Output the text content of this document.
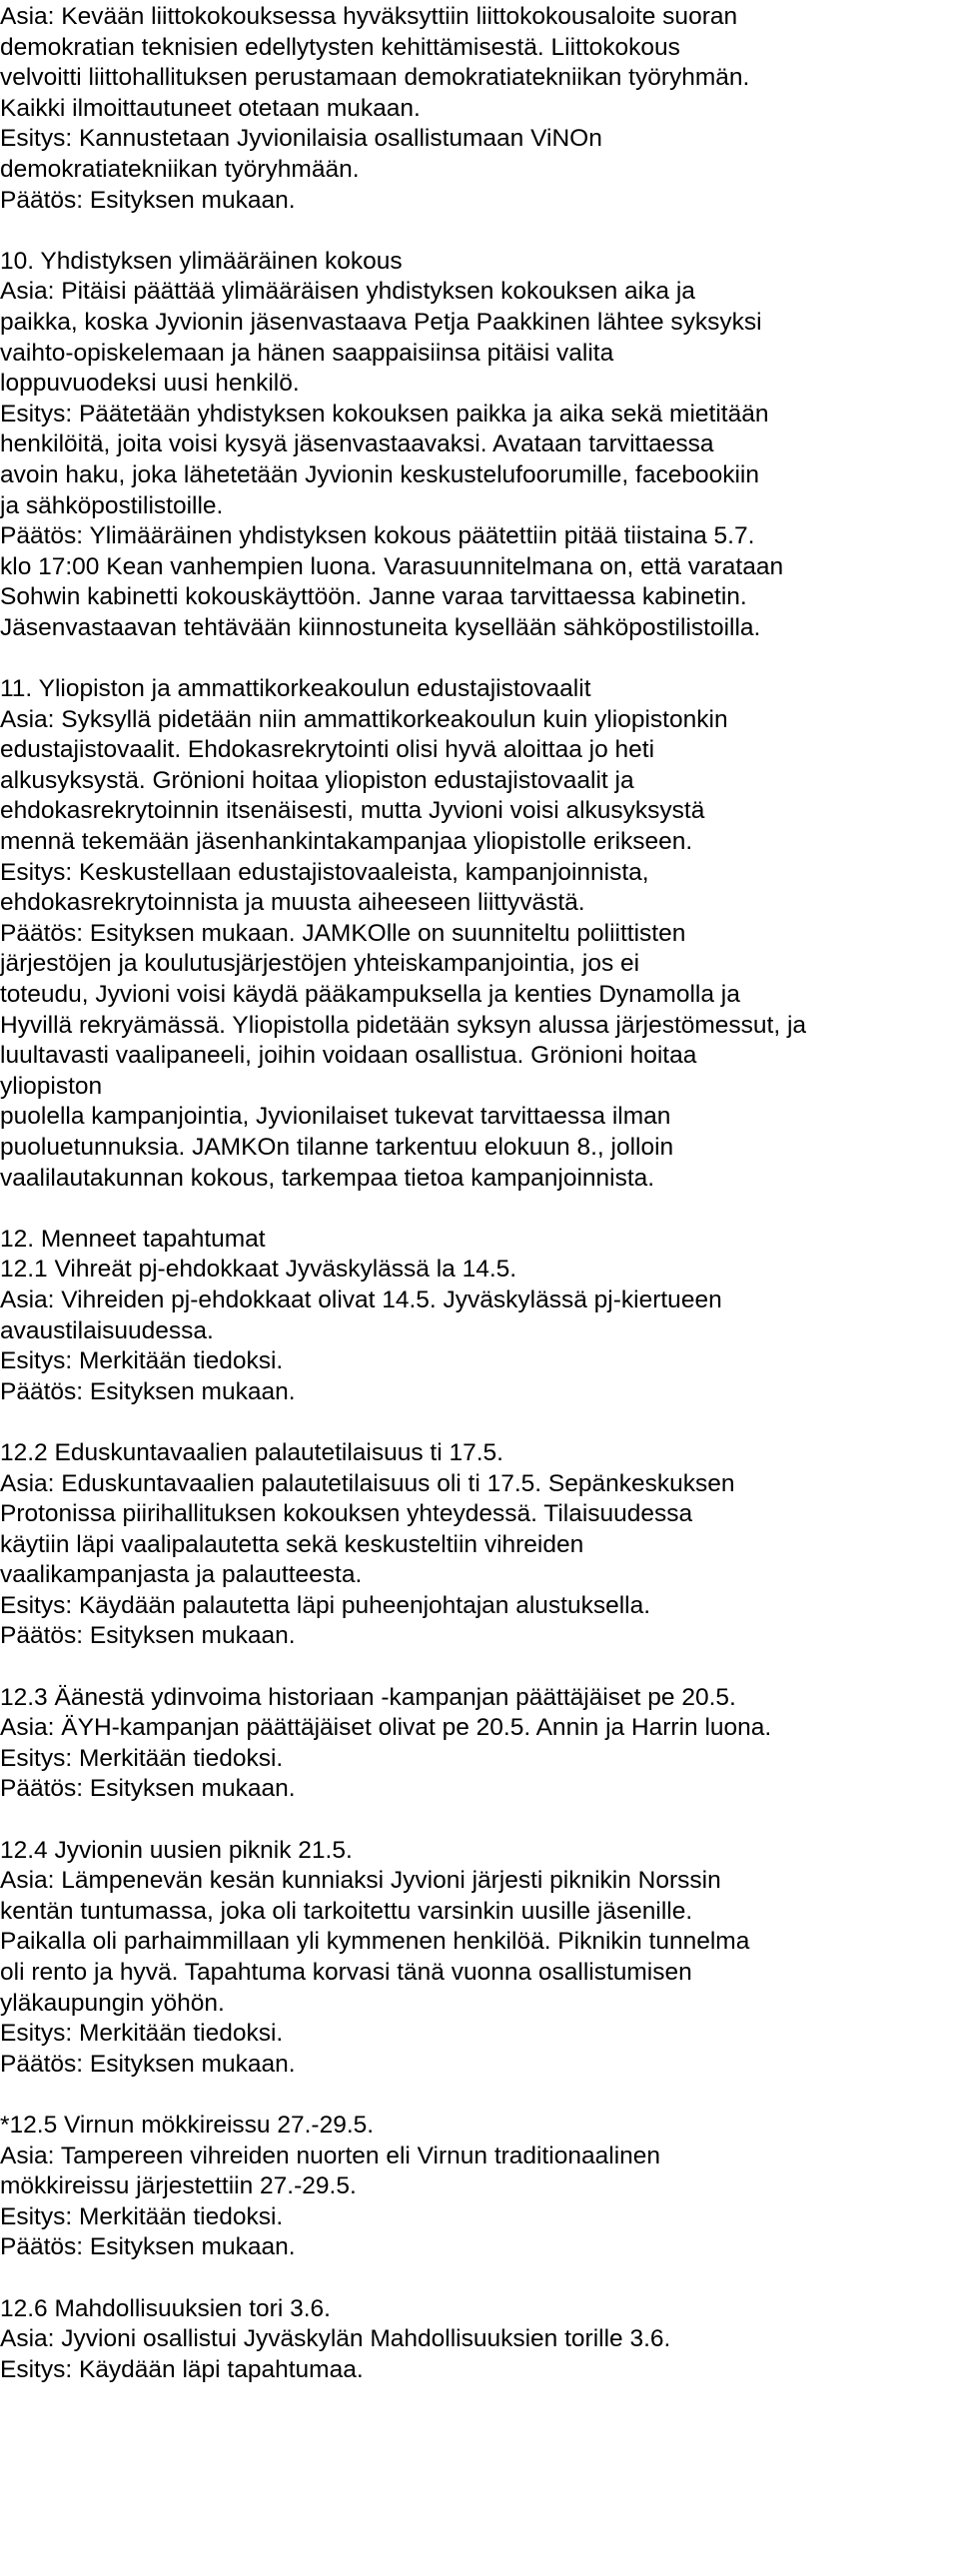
Asia: Kevään liittokokouksessa hyväksyttiin liittokokousaloite suoran
demokratian teknisien edellytysten kehittämisestä. Liittokokous
velvoitti liittohallituksen perustamaan demokratiatekniikan työryhmän.
Kaikki ilmoittautuneet otetaan mukaan.
Esitys: Kannustetaan Jyvionilaisia osallistumaan ViNOn
demokratiatekniikan työryhmään.
Päätös: Esityksen mukaan.
10. Yhdistyksen ylimääräinen kokous
Asia: Pitäisi päättää ylimääräisen yhdistyksen kokouksen aika ja
paikka, koska Jyvionin jäsenvastaava Petja Paakkinen lähtee syksyksi
vaihto-opiskelemaan ja hänen saappaisiinsa pitäisi valita
loppuvuodeksi uusi henkilö.
Esitys: Päätetään yhdistyksen kokouksen paikka ja aika sekä mietitään
henkilöitä, joita voisi kysyä jäsenvastaavaksi. Avataan tarvittaessa
avoin haku, joka lähetetään Jyvionin keskustelufoorumille, facebookiin
ja sähköpostilistoille.
Päätös: Ylimääräinen yhdistyksen kokous päätettiin pitää tiistaina 5.7.
klo 17:00 Kean vanhempien luona. Varasuunnitelmana on, että varataan
Sohwin kabinetti kokouskäyttöön. Janne varaa tarvittaessa kabinetin.
Jäsenvastaavan tehtävään kiinnostuneita kysellään sähköpostilistoilla.
11. Yliopiston ja ammattikorkeakoulun edustajistovaalit
Asia: Syksyllä pidetään niin ammattikorkeakoulun kuin yliopistonkin
edustajistovaalit. Ehdokasrekrytointi olisi hyvä aloittaa jo heti
alkusyksystä. Grönioni hoitaa yliopiston edustajistovaalit ja
ehdokasrekrytoinnin itsenäisesti, mutta Jyvioni voisi alkusyksystä
mennä tekemään jäsenhankintakampanjaa yliopistolle erikseen.
Esitys: Keskustellaan edustajistovaaleista, kampanjoinnista,
ehdokasrekrytoinnista ja muusta aiheeseen liittyvästä.
Päätös: Esityksen mukaan. JAMKOlle on suunniteltu poliittisten
järjestöjen ja koulutusjärjestöjen yhteiskampanjointia, jos ei
toteudu, Jyvioni voisi käydä pääkampuksella ja kenties Dynamolla ja
Hyvillä rekryämässä. Yliopistolla pidetään syksyn alussa järjestömessut, ja
luultavasti vaalipaneeli, joihin voidaan osallistua. Grönioni hoitaa
yliopiston
puolella kampanjointia, Jyvionilaiset tukevat tarvittaessa ilman
puoluetunnuksia. JAMKOn tilanne tarkentuu elokuun 8., jolloin
vaalilautakunnan kokous, tarkempaa tietoa kampanjoinnista.
12. Menneet tapahtumat
12.1 Vihreät pj-ehdokkaat Jyväskylässä la 14.5.
Asia: Vihreiden pj-ehdokkaat olivat 14.5. Jyväskylässä pj-kiertueen
avaustilaisuudessa.
Esitys: Merkitään tiedoksi.
Päätös: Esityksen mukaan.
12.2 Eduskuntavaalien palautetilaisuus ti 17.5.
Asia: Eduskuntavaalien palautetilaisuus oli ti 17.5. Sepänkeskuksen
Protonissa piirihallituksen kokouksen yhteydessä. Tilaisuudessa
käytiin läpi vaalipalautetta sekä keskusteltiin vihreiden
vaalikampanjasta ja palautteesta.
Esitys: Käydään palautetta läpi puheenjohtajan alustuksella.
Päätös: Esityksen mukaan.
12.3 Äänestä ydinvoima historiaan -kampanjan päättäjäiset pe 20.5.
Asia: ÄYH-kampanjan päättäjäiset olivat pe 20.5. Annin ja Harrin luona.
Esitys: Merkitään tiedoksi.
Päätös: Esityksen mukaan.
12.4 Jyvionin uusien piknik 21.5.
Asia: Lämpenevän kesän kunniaksi Jyvioni järjesti piknikin Norssin
kentän tuntumassa, joka oli tarkoitettu varsinkin uusille jäsenille.
Paikalla oli parhaimmillaan yli kymmenen henkilöä. Piknikin tunnelma
oli rento ja hyvä. Tapahtuma korvasi tänä vuonna osallistumisen
yläkaupungin yöhön.
Esitys: Merkitään tiedoksi.
Päätös: Esityksen mukaan.
*12.5 Virnun mökkireissu 27.-29.5.
Asia: Tampereen vihreiden nuorten eli Virnun traditionaalinen
mökkireissu järjestettiin 27.-29.5.
Esitys: Merkitään tiedoksi.
Päätös: Esityksen mukaan.
12.6 Mahdollisuuksien tori 3.6.
Asia: Jyvioni osallistui Jyväskylän Mahdollisuuksien torille 3.6.
Esitys: Käydään läpi tapahtumaa.
